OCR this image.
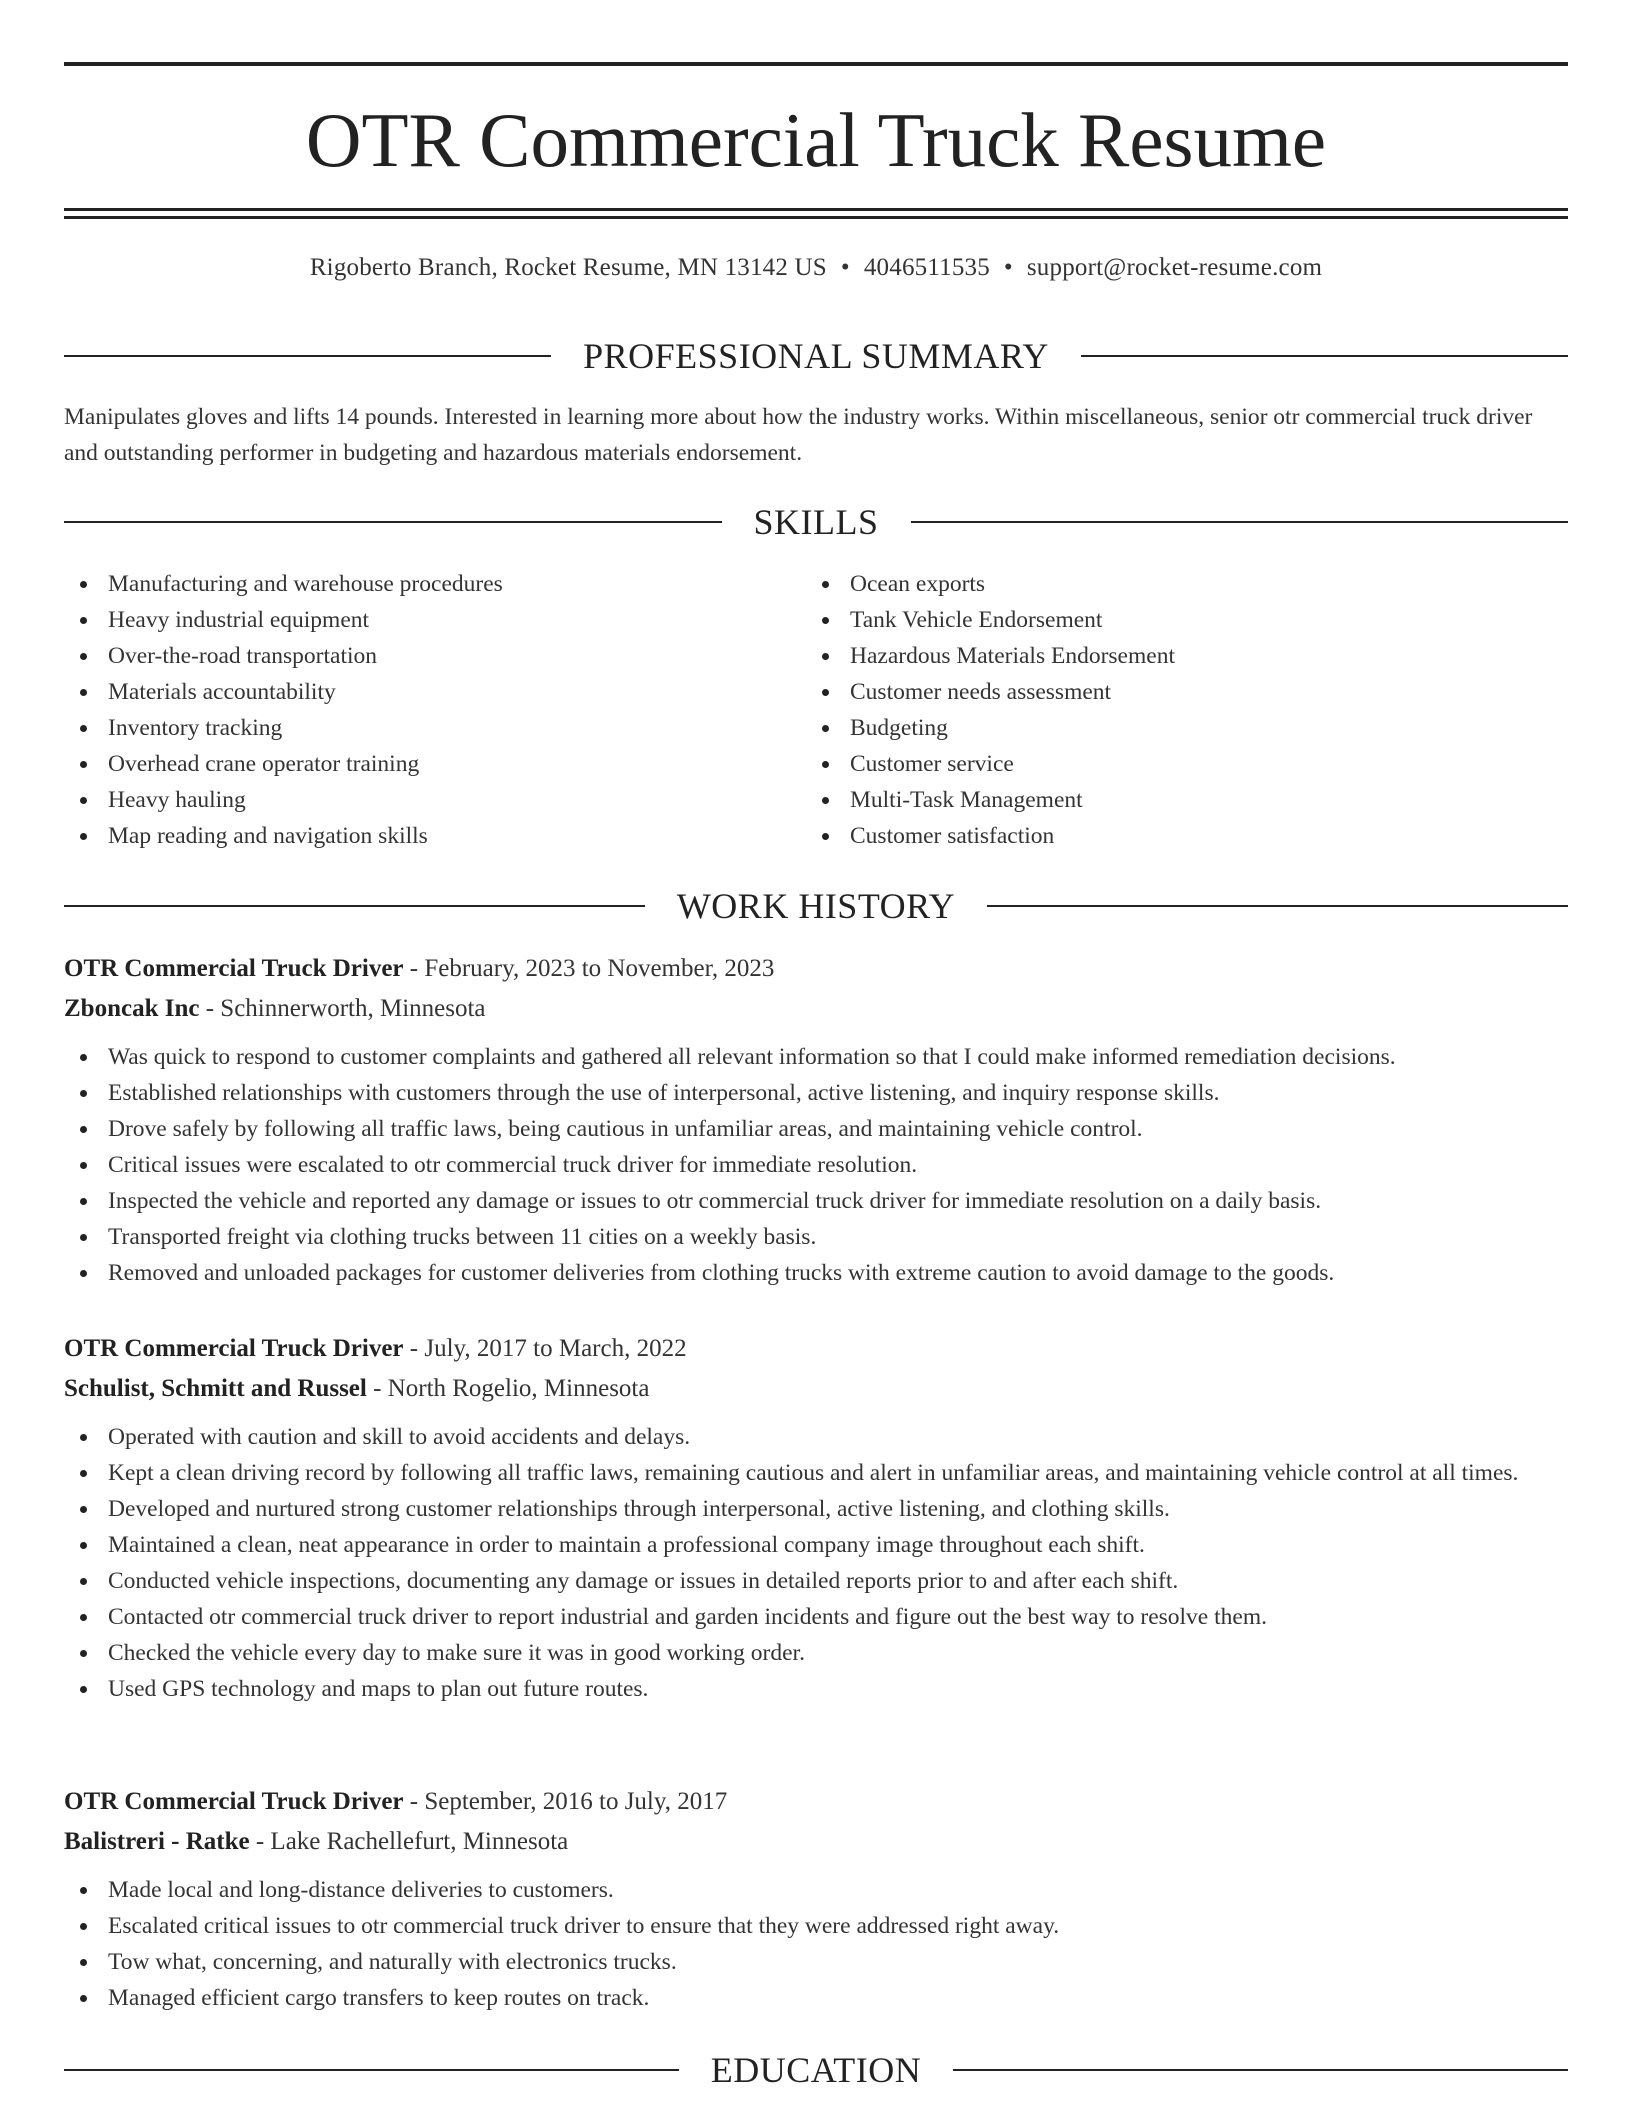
OTR Commercial Truck Resume
Rigoberto Branch, Rocket Resume, MN 13142 US • 4046511535 • support@rocket-resume.com
PROFESSIONAL SUMMARY
Manipulates gloves and lifts 14 pounds. Interested in learning more about how the industry works. Within miscellaneous, senior otr commercial truck driver and outstanding performer in budgeting and hazardous materials endorsement.
SKILLS
Manufacturing and warehouse procedures
Heavy industrial equipment
Over-the-road transportation
Materials accountability
Inventory tracking
Overhead crane operator training
Heavy hauling
Map reading and navigation skills
Ocean exports
Tank Vehicle Endorsement
Hazardous Materials Endorsement
Customer needs assessment
Budgeting
Customer service
Multi-Task Management
Customer satisfaction
WORK HISTORY
OTR Commercial Truck Driver - February, 2023 to November, 2023
Zboncak Inc - Schinnerworth, Minnesota
Was quick to respond to customer complaints and gathered all relevant information so that I could make informed remediation decisions.
Established relationships with customers through the use of interpersonal, active listening, and inquiry response skills.
Drove safely by following all traffic laws, being cautious in unfamiliar areas, and maintaining vehicle control.
Critical issues were escalated to otr commercial truck driver for immediate resolution.
Inspected the vehicle and reported any damage or issues to otr commercial truck driver for immediate resolution on a daily basis.
Transported freight via clothing trucks between 11 cities on a weekly basis.
Removed and unloaded packages for customer deliveries from clothing trucks with extreme caution to avoid damage to the goods.
OTR Commercial Truck Driver - July, 2017 to March, 2022
Schulist, Schmitt and Russel - North Rogelio, Minnesota
Operated with caution and skill to avoid accidents and delays.
Kept a clean driving record by following all traffic laws, remaining cautious and alert in unfamiliar areas, and maintaining vehicle control at all times.
Developed and nurtured strong customer relationships through interpersonal, active listening, and clothing skills.
Maintained a clean, neat appearance in order to maintain a professional company image throughout each shift.
Conducted vehicle inspections, documenting any damage or issues in detailed reports prior to and after each shift.
Contacted otr commercial truck driver to report industrial and garden incidents and figure out the best way to resolve them.
Checked the vehicle every day to make sure it was in good working order.
Used GPS technology and maps to plan out future routes.
OTR Commercial Truck Driver - September, 2016 to July, 2017
Balistreri - Ratke - Lake Rachellefurt, Minnesota
Made local and long-distance deliveries to customers.
Escalated critical issues to otr commercial truck driver to ensure that they were addressed right away.
Tow what, concerning, and naturally with electronics trucks.
Managed efficient cargo transfers to keep routes on track.
EDUCATION
